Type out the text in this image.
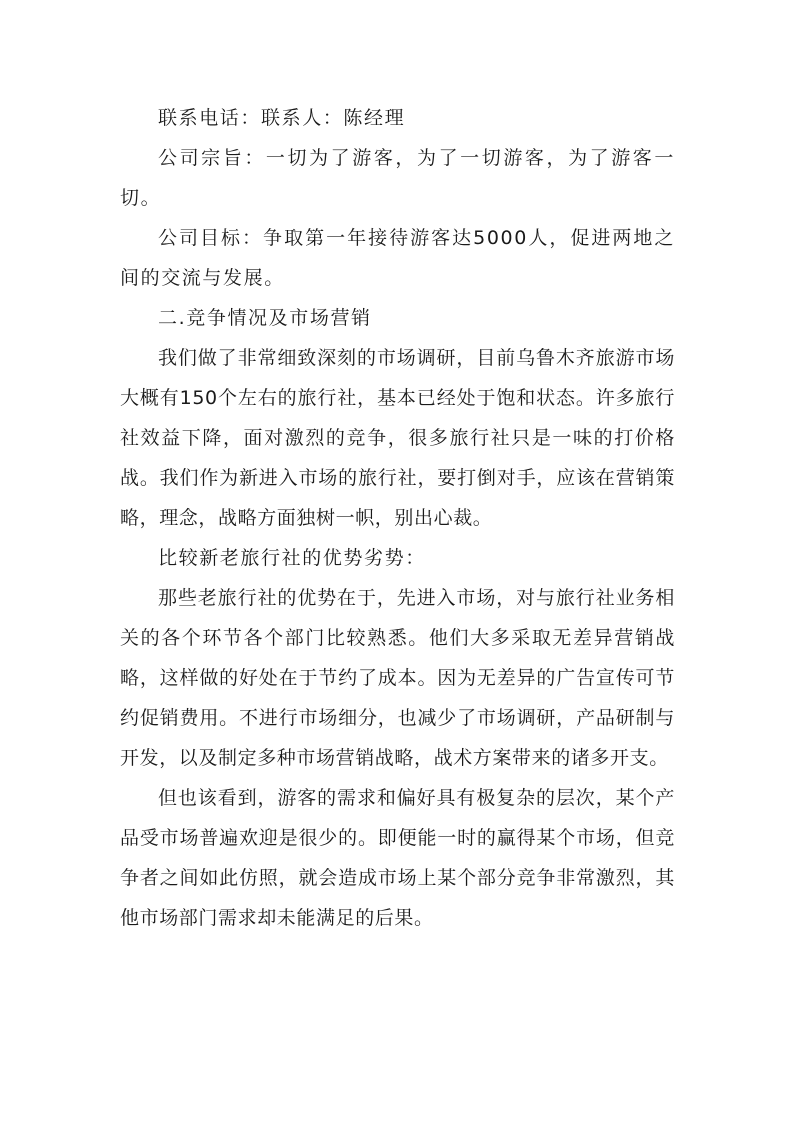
联系电话：联系人：陈经理

公司宗旨：一切为了游客，为了一切游客，为了游客一切。

公司目标：争取第一年接待游客达5000人，促进两地之间的交流与发展。

二.竞争情况及市场营销

我们做了非常细致深刻的市场调研，目前乌鲁木齐旅游市场大概有150个左右的旅行社，基本已经处于饱和状态。许多旅行社效益下降，面对激烈的竞争，很多旅行社只是一味的打价格战。我们作为新进入市场的旅行社，要打倒对手，应该在营销策略，理念，战略方面独树一帜，别出心裁。

比较新老旅行社的优势劣势：

那些老旅行社的优势在于，先进入市场，对与旅行社业务相关的各个环节各个部门比较熟悉。他们大多采取无差异营销战略，这样做的好处在于节约了成本。因为无差异的广告宣传可节约促销费用。不进行市场细分，也减少了市场调研，产品研制与开发，以及制定多种市场营销战略，战术方案带来的诸多开支。

但也该看到，游客的需求和偏好具有极复杂的层次，某个产品受市场普遍欢迎是很少的。即便能一时的赢得某个市场，但竞争者之间如此仿照，就会造成市场上某个部分竞争非常激烈，其他市场部门需求却未能满足的后果。
